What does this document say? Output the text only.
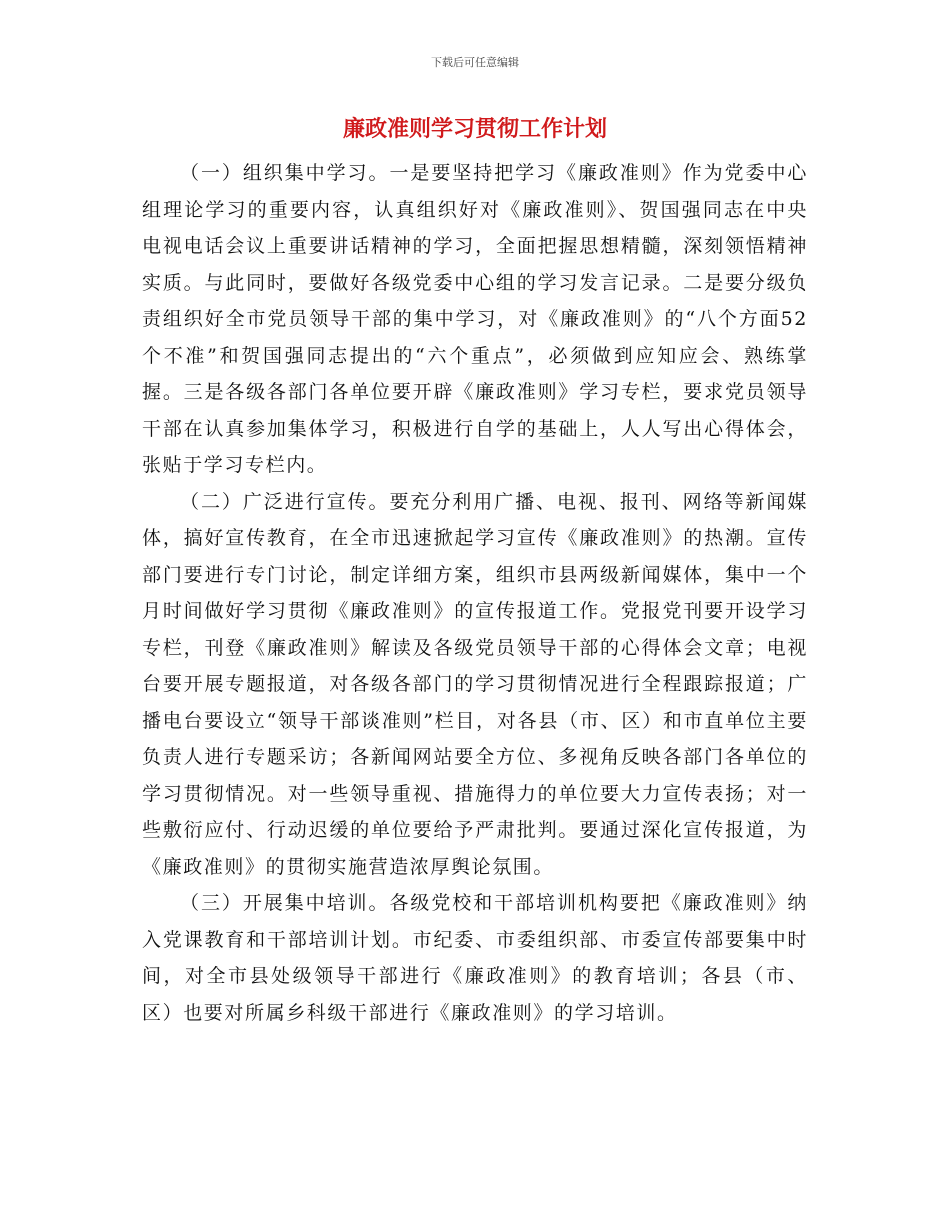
下载后可任意编辑
廉政准则学习贯彻工作计划

（一）组织集中学习。一是要坚持把学习《廉政准则》作为党委中心组理论学习的重要内容，认真组织好对《廉政准则》、贺国强同志在中央电视电话会议上重要讲话精神的学习，全面把握思想精髓，深刻领悟精神实质。与此同时，要做好各级党委中心组的学习发言记录。二是要分级负责组织好全市党员领导干部的集中学习，对《廉政准则》的“八个方面52个不准”和贺国强同志提出的“六个重点”，必须做到应知应会、熟练掌握。三是各级各部门各单位要开辟《廉政准则》学习专栏，要求党员领导干部在认真参加集体学习，积极进行自学的基础上，人人写出心得体会，张贴于学习专栏内。

（二）广泛进行宣传。要充分利用广播、电视、报刊、网络等新闻媒体，搞好宣传教育，在全市迅速掀起学习宣传《廉政准则》的热潮。宣传部门要进行专门讨论，制定详细方案，组织市县两级新闻媒体，集中一个月时间做好学习贯彻《廉政准则》的宣传报道工作。党报党刊要开设学习专栏，刊登《廉政准则》解读及各级党员领导干部的心得体会文章；电视台要开展专题报道，对各级各部门的学习贯彻情况进行全程跟踪报道；广播电台要设立“领导干部谈准则”栏目，对各县（市、区）和市直单位主要负责人进行专题采访；各新闻网站要全方位、多视角反映各部门各单位的学习贯彻情况。对一些领导重视、措施得力的单位要大力宣传表扬；对一些敷衍应付、行动迟缓的单位要给予严肃批判。要通过深化宣传报道，为《廉政准则》的贯彻实施营造浓厚舆论氛围。

（三）开展集中培训。各级党校和干部培训机构要把《廉政准则》纳入党课教育和干部培训计划。市纪委、市委组织部、市委宣传部要集中时间，对全市县处级领导干部进行《廉政准则》的教育培训；各县（市、区）也要对所属乡科级干部进行《廉政准则》的学习培训。
